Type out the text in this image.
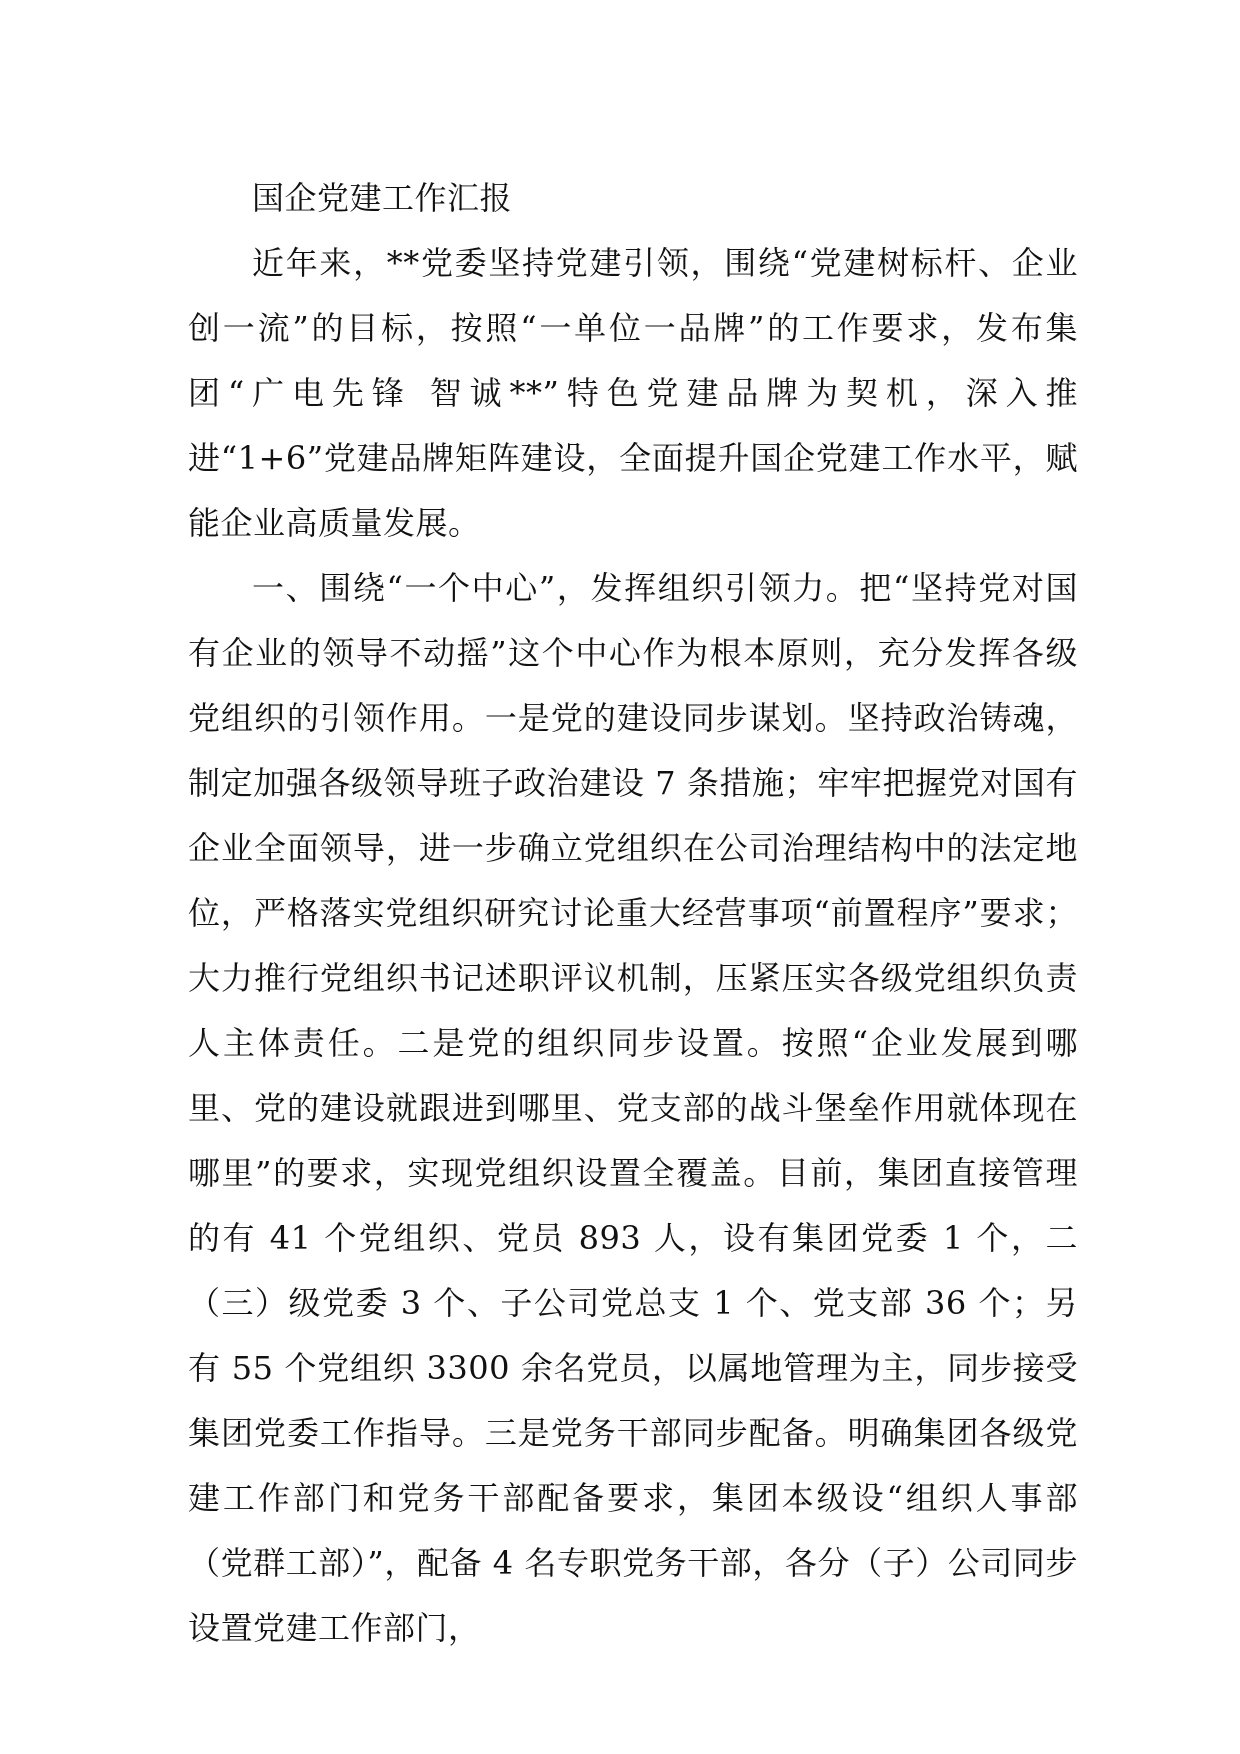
国企党建工作汇报

近年来，**党委坚持党建引领，围绕“党建树标杆、企业创一流”的目标，按照“一单位一品牌”的工作要求，发布集团“广电先锋 智诚**”特色党建品牌为契机，深入推进“1+6”党建品牌矩阵建设，全面提升国企党建工作水平，赋能企业高质量发展。

一、围绕“一个中心”，发挥组织引领力。把“坚持党对国有企业的领导不动摇”这个中心作为根本原则，充分发挥各级党组织的引领作用。一是党的建设同步谋划。坚持政治铸魂，制定加强各级领导班子政治建设 7 条措施；牢牢把握党对国有企业全面领导，进一步确立党组织在公司治理结构中的法定地位，严格落实党组织研究讨论重大经营事项“前置程序”要求；大力推行党组织书记述职评议机制，压紧压实各级党组织负责人主体责任。二是党的组织同步设置。按照“企业发展到哪里、党的建设就跟进到哪里、党支部的战斗堡垒作用就体现在哪里”的要求，实现党组织设置全覆盖。目前，集团直接管理的有 41 个党组织、党员 893 人，设有集团党委 1 个，二（三）级党委 3 个、子公司党总支 1 个、党支部 36 个；另有 55 个党组织 3300 余名党员，以属地管理为主，同步接受集团党委工作指导。三是党务干部同步配备。明确集团各级党建工作部门和党务干部配备要求，集团本级设“组织人事部（党群工部）”，配备 4 名专职党务干部，各分（子）公司同步设置党建工作部门，
